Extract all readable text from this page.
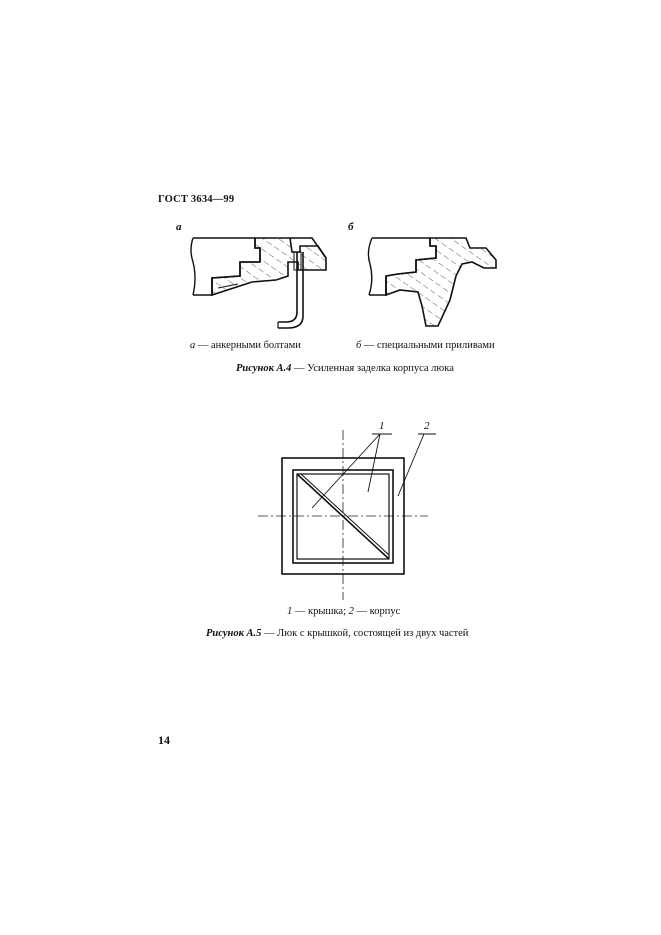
ГОСТ 3634—99
а	б
а — анкерными болтами	б — специальными приливами
Рисунок А.4 — Усиленная заделка корпуса люка
1	2
1 — крышка; 2 — корпус
Рисунок А.5 — Люк с крышкой, состоящей из двух частей
14
